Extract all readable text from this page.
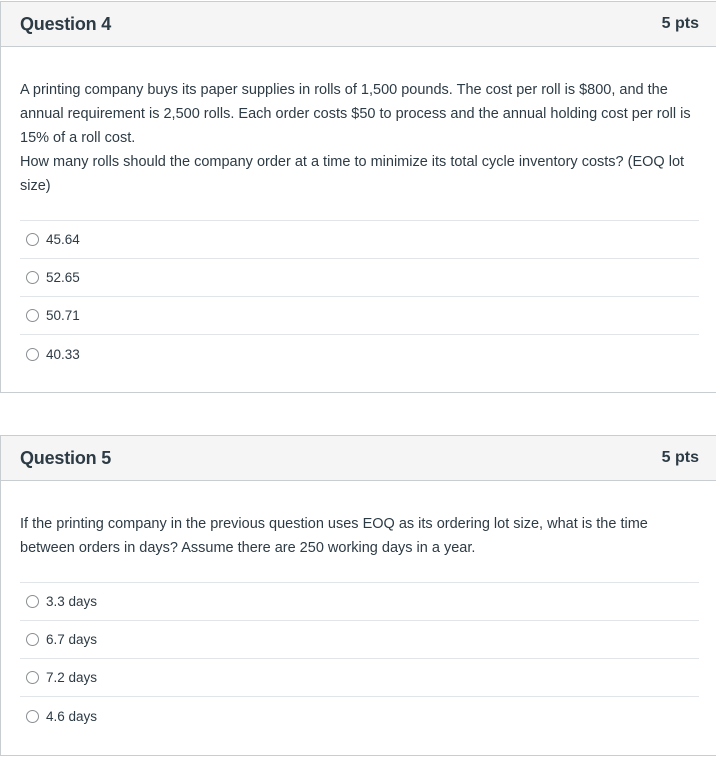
Question 4	5 pts

A printing company buys its paper supplies in rolls of 1,500 pounds. The cost per roll is $800, and the annual requirement is 2,500 rolls. Each order costs $50 to process and the annual holding cost per roll is 15% of a roll cost.

How many rolls should the company order at a time to minimize its total cycle inventory costs? (EOQ lot size)

45.64
52.65
50.71
40.33
Question 5	5 pts

If the printing company in the previous question uses EOQ as its ordering lot size, what is the time between orders in days? Assume there are 250 working days in a year.

3.3 days
6.7 days
7.2 days
4.6 days
